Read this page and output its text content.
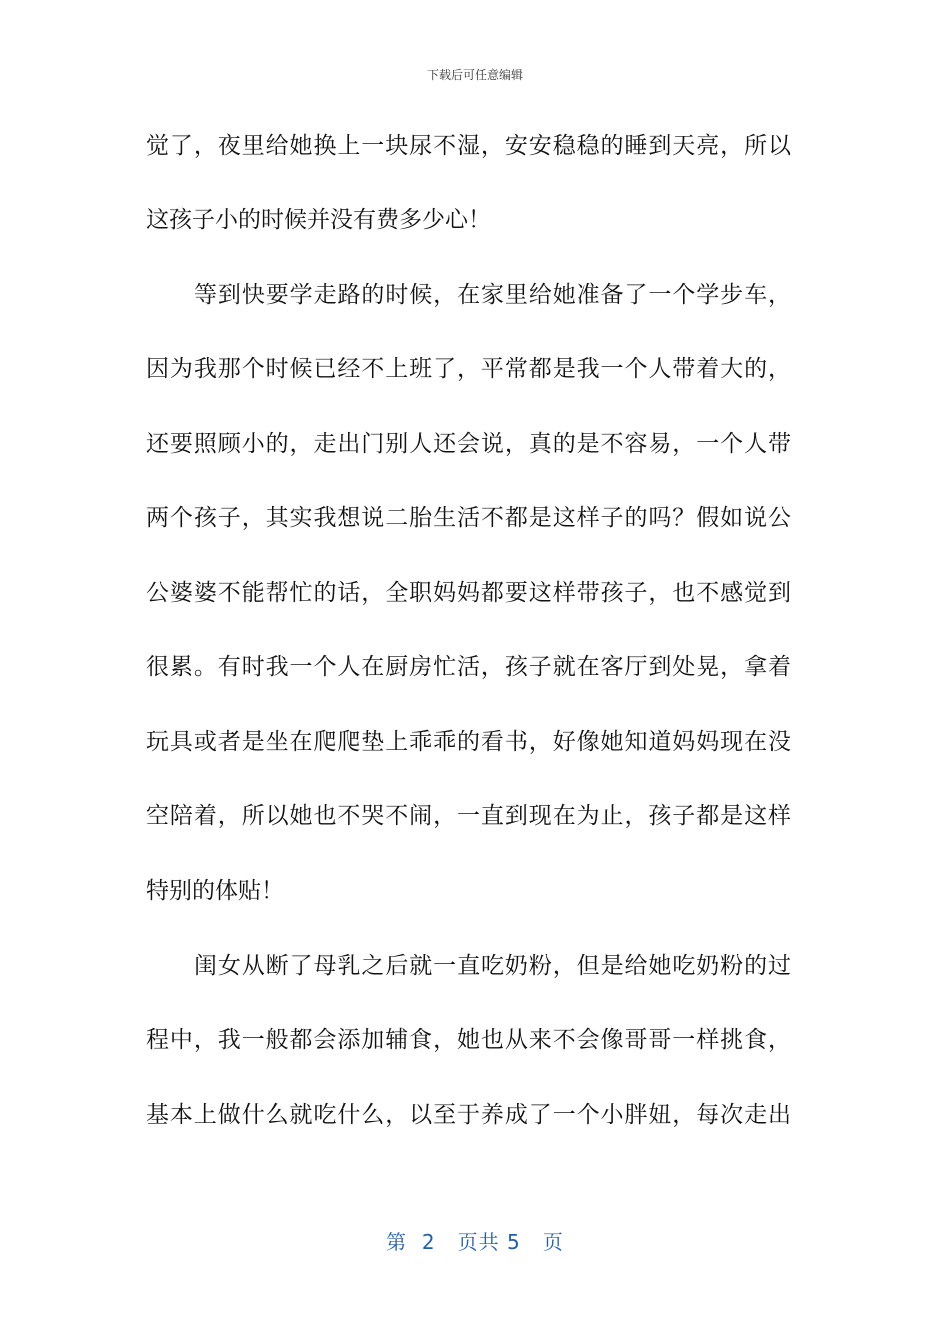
下载后可任意编辑
觉了，夜里给她换上一块尿不湿，安安稳稳的睡到天亮，所以
这孩子小的时候并没有费多少心！
等到快要学走路的时候，在家里给她准备了一个学步车，
因为我那个时候已经不上班了，平常都是我一个人带着大的，
还要照顾小的，走出门别人还会说，真的是不容易，一个人带
两个孩子，其实我想说二胎生活不都是这样子的吗？假如说公
公婆婆不能帮忙的话，全职妈妈都要这样带孩子，也不感觉到
很累。有时我一个人在厨房忙活，孩子就在客厅到处晃，拿着
玩具或者是坐在爬爬垫上乖乖的看书，好像她知道妈妈现在没
空陪着，所以她也不哭不闹，一直到现在为止，孩子都是这样
特别的体贴！
闺女从断了母乳之后就一直吃奶粉，但是给她吃奶粉的过
程中，我一般都会添加辅食，她也从来不会像哥哥一样挑食，
基本上做什么就吃什么，以至于养成了一个小胖妞，每次走出
第  2   页共 5   页
